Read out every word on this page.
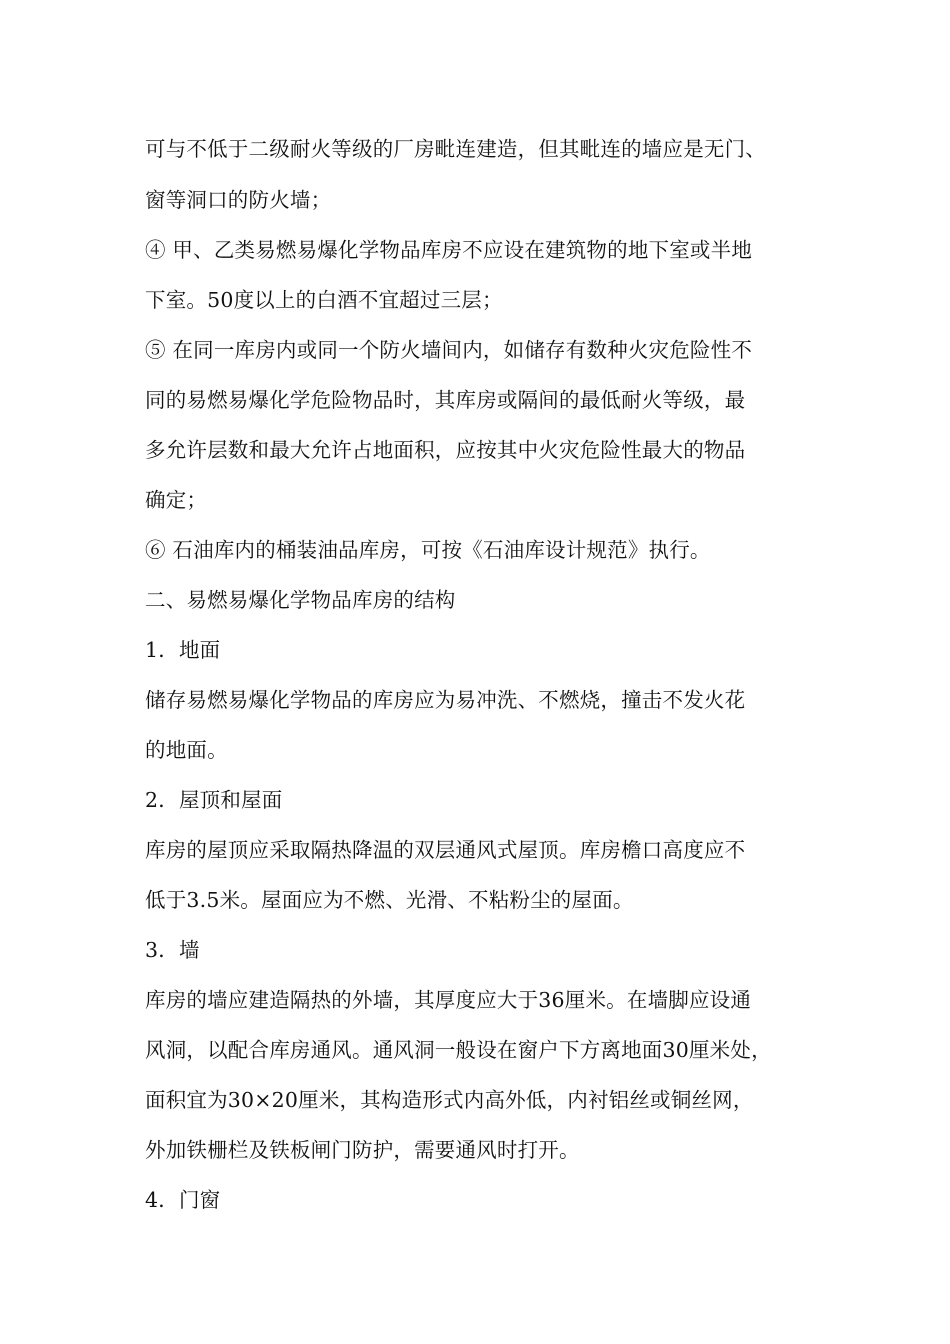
可与不低于二级耐火等级的厂房毗连建造，但其毗连的墙应是无门、
窗等洞口的防火墙；
④ 甲、乙类易燃易爆化学物品库房不应设在建筑物的地下室或半地
下室。50度以上的白酒不宜超过三层；
⑤ 在同一库房内或同一个防火墙间内，如储存有数种火灾危险性不
同的易燃易爆化学危险物品时，其库房或隔间的最低耐火等级，最
多允许层数和最大允许占地面积，应按其中火灾危险性最大的物品
确定；
⑥ 石油库内的桶装油品库房，可按《石油库设计规范》执行。
二、易燃易爆化学物品库房的结构
1．地面
储存易燃易爆化学物品的库房应为易冲洗、不燃烧，撞击不发火花
的地面。
2．屋顶和屋面
库房的屋顶应采取隔热降温的双层通风式屋顶。库房檐口高度应不
低于3.5米。屋面应为不燃、光滑、不粘粉尘的屋面。
3．墙
库房的墙应建造隔热的外墙，其厚度应大于36厘米。在墙脚应设通
风洞，以配合库房通风。通风洞一般设在窗户下方离地面30厘米处，
面积宜为30×20厘米，其构造形式内高外低，内衬铝丝或铜丝网，
外加铁栅栏及铁板闸门防护，需要通风时打开。
4．门窗
